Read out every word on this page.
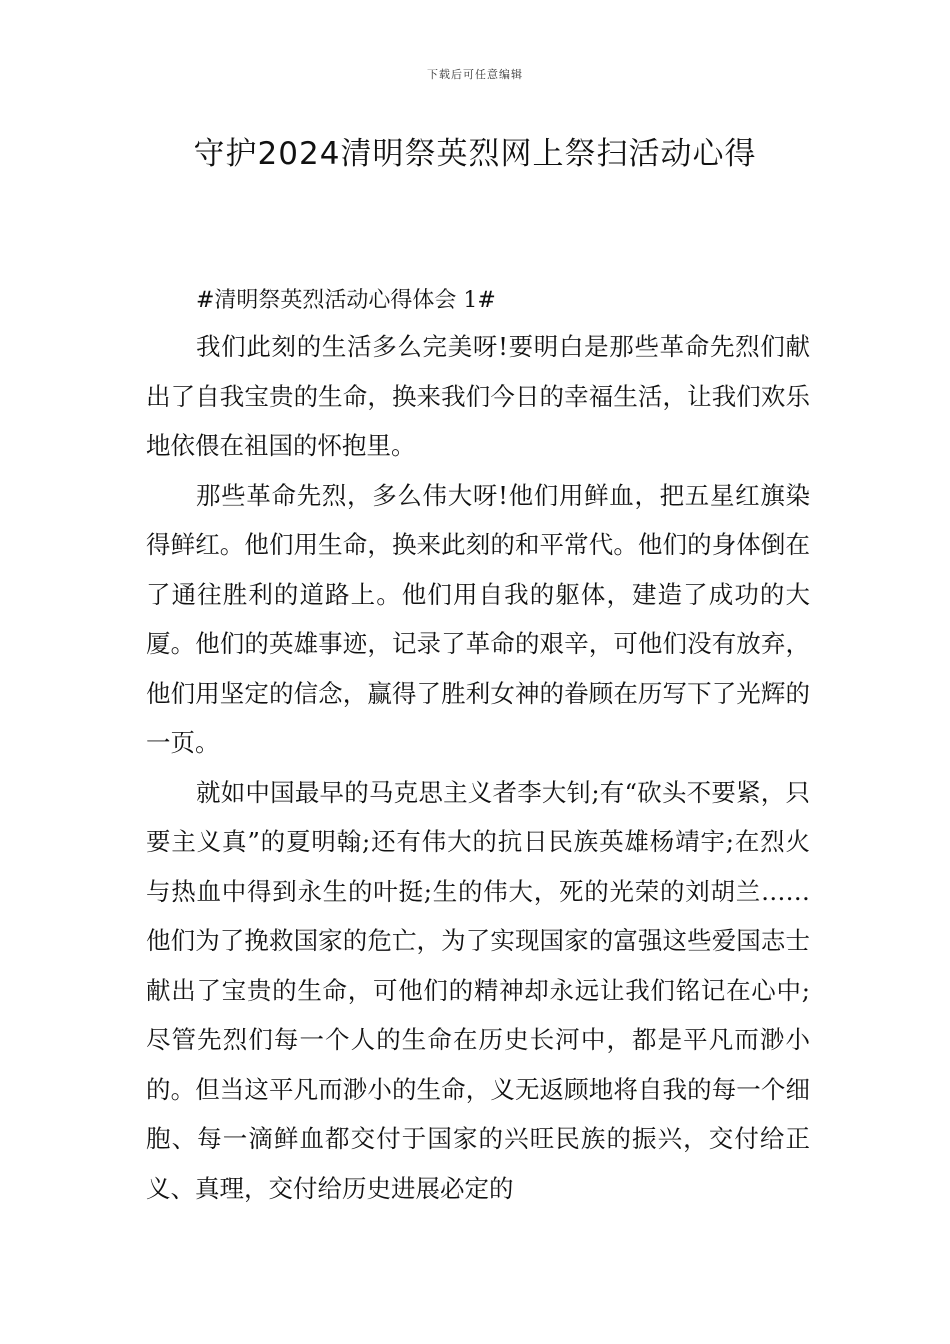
下载后可任意编辑
守护2024清明祭英烈网上祭扫活动心得

#清明祭英烈活动心得体会 1#

我们此刻的生活多么完美呀!要明白是那些革命先烈们献出了自我宝贵的生命，换来我们今日的幸福生活，让我们欢乐地依偎在祖国的怀抱里。

那些革命先烈，多么伟大呀!他们用鲜血，把五星红旗染得鲜红。他们用生命，换来此刻的和平常代。他们的身体倒在了通往胜利的道路上。他们用自我的躯体，建造了成功的大厦。他们的英雄事迹，记录了革命的艰辛，可他们没有放弃，他们用坚定的信念，赢得了胜利女神的眷顾在历写下了光辉的一页。

就如中国最早的马克思主义者李大钊;有“砍头不要紧，只要主义真”的夏明翰;还有伟大的抗日民族英雄杨靖宇;在烈火与热血中得到永生的叶挺;生的伟大，死的光荣的刘胡兰……他们为了挽救国家的危亡，为了实现国家的富强这些爱国志士献出了宝贵的生命，可他们的精神却永远让我们铭记在心中;尽管先烈们每一个人的生命在历史长河中，都是平凡而渺小的。但当这平凡而渺小的生命，义无返顾地将自我的每一个细胞、每一滴鲜血都交付于国家的兴旺民族的振兴，交付给正义、真理，交付给历史进展必定的
